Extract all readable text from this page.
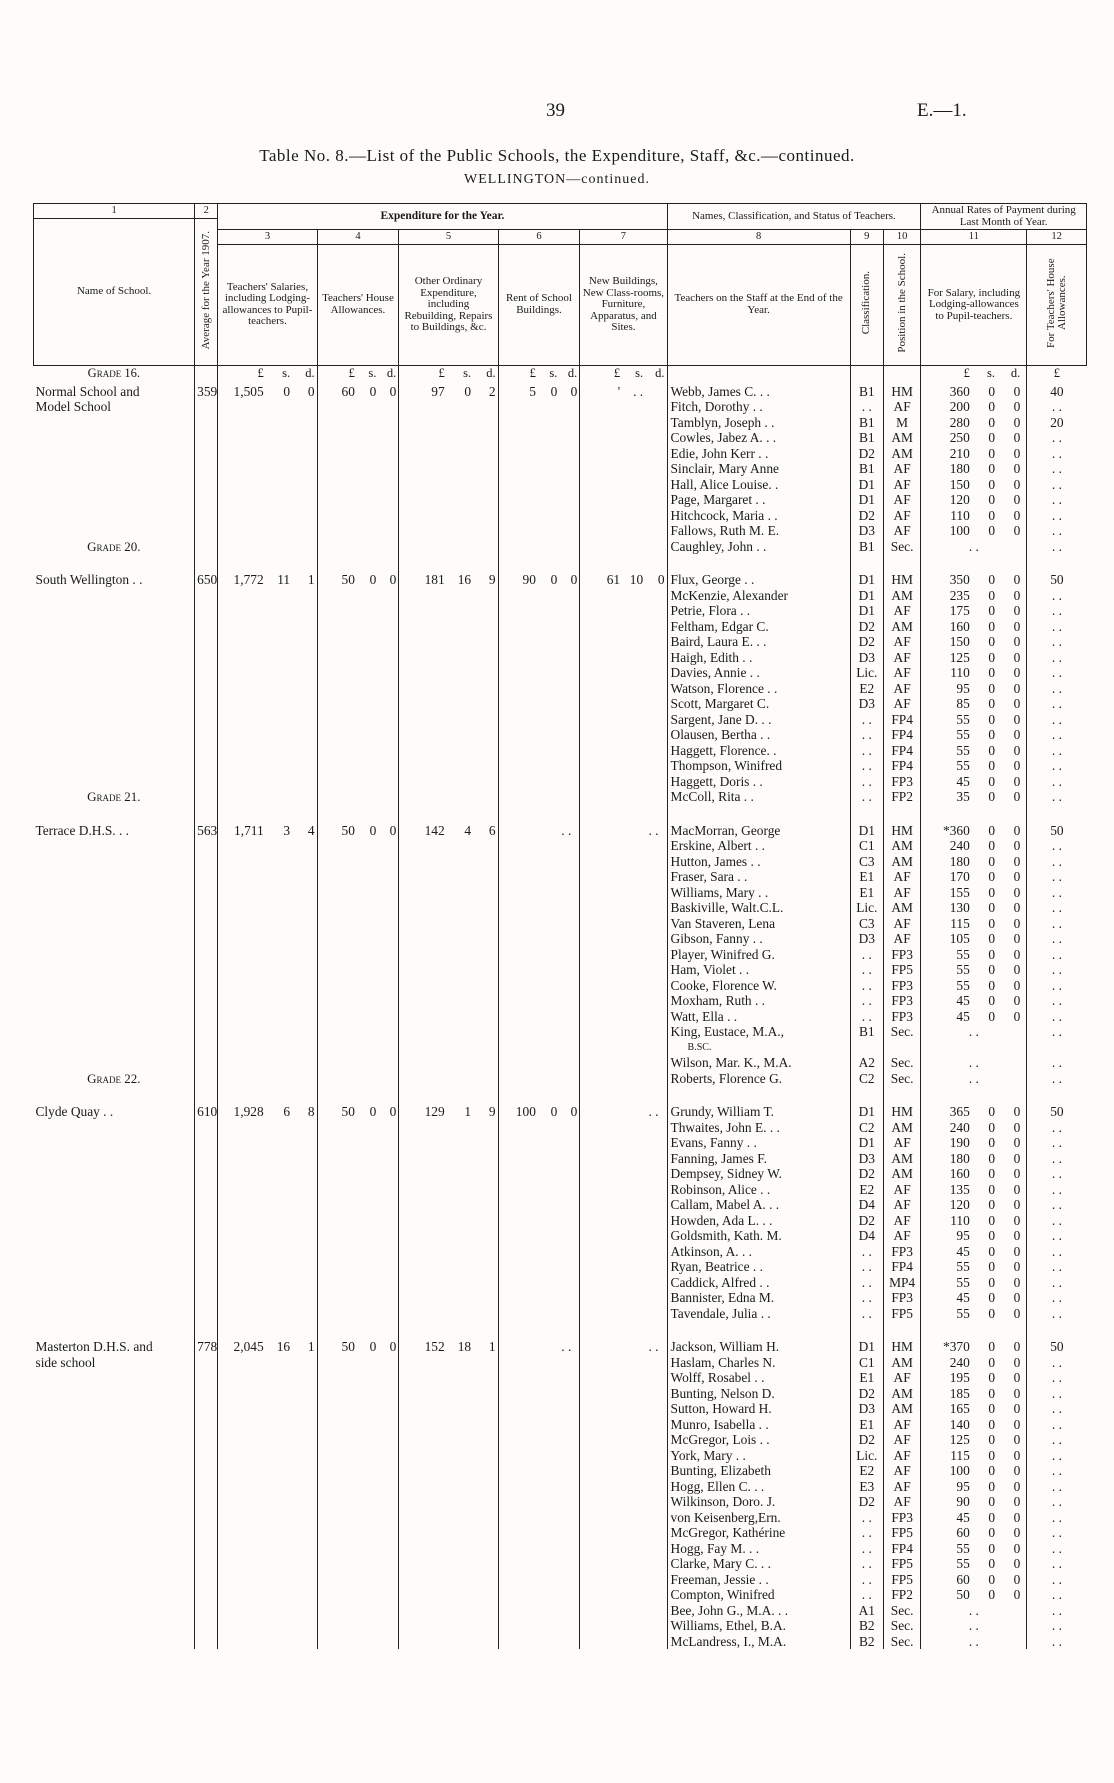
39	E.—1.
Table No. 8.—List of the Public Schools, the Expenditure, Staff, &c.—continued.
WELLINGTON—continued.
1	2	Expenditure for the Year.					Names, Classification, and Status of Teachers.			Annual Rates of Payment during Last Month of Year.	
Name of School.	Average for the Year 1907.										
		3	4	5	6	7	8	9	10	11	12
		Teachers' Salaries, including Lodging-allowances to Pupil-teachers.	Teachers' House Allowances.	Other Ordinary Expenditure, including Rebuilding, Repairs to Buildings, &c.	Rent of School Buildings.	New Buildings, New Class-rooms, Furniture, Apparatus, and Sites.	Teachers on the Staff at the End of the Year.	Classification.	Position in the School.	For Salary, including Lodging-allowances to Pupil-teachers.	For Teachers' House Allowances.
Grade 16.		£ s. d.	£ s. d.	£ s. d.	£ s. d.	£ s. d.				£ s. d.	£
Normal School and	359	1,505 0 0	60 0 0	97 0 2	5 0 0	' . .	Webb, James C. . .	B1	HM	360 0 0	40
Model School							Fitch, Dorothy . .	. .	AF	200 0 0	. .
							Tamblyn, Joseph . .	B1	M	280 0 0	20
							Cowles, Jabez A. . .	B1	AM	250 0 0	. .
							Edie, John Kerr . .	D2	AM	210 0 0	. .
							Sinclair, Mary Anne	B1	AF	180 0 0	. .
							Hall, Alice Louise. .	D1	AF	150 0 0	. .
							Page, Margaret . .	D1	AF	120 0 0	. .
							Hitchcock, Maria . .	D2	AF	110 0 0	. .
							Fallows, Ruth M. E.	D3	AF	100 0 0	. .
Grade 20.							Caughley, John . .	B1	Sec.	. .	. .

South Wellington . .	650	1,772 11 1	50 0 0	181 16 9	90 0 0	61 10 0	Flux, George . .	D1	HM	350 0 0	50
							McKenzie, Alexander	D1	AM	235 0 0	. .
							Petrie, Flora . .	D1	AF	175 0 0	. .
							Feltham, Edgar C.	D2	AM	160 0 0	. .
							Baird, Laura E. . .	D2	AF	150 0 0	. .
							Haigh, Edith . .	D3	AF	125 0 0	. .
							Davies, Annie . .	Lic.	AF	110 0 0	. .
							Watson, Florence . .	E2	AF	95 0 0	. .
							Scott, Margaret C.	D3	AF	85 0 0	. .
							Sargent, Jane D. . .	. .	FP4	55 0 0	. .
							Olausen, Bertha . .	. .	FP4	55 0 0	. .
							Haggett, Florence. .	. .	FP4	55 0 0	. .
							Thompson, Winifred	. .	FP4	55 0 0	. .
							Haggett, Doris . .	. .	FP3	45 0 0	. .
Grade 21.							McColl, Rita . .	. .	FP2	35 0 0	. .

Terrace D.H.S. . .	563	1,711 3 4	50 0 0	142 4 6	. .	. .	MacMorran, George	D1	HM	*360 0 0	50
							Erskine, Albert . .	C1	AM	240 0 0	. .
							Hutton, James . .	C3	AM	180 0 0	. .
							Fraser, Sara . .	E1	AF	170 0 0	. .
							Williams, Mary . .	E1	AF	155 0 0	. .
							Baskiville, Walt.C.L.	Lic.	AM	130 0 0	. .
							Van Staveren, Lena	C3	AF	115 0 0	. .
							Gibson, Fanny . .	D3	AF	105 0 0	. .
							Player, Winifred G.	. .	FP3	55 0 0	. .
							Ham, Violet . .	. .	FP5	55 0 0	. .
							Cooke, Florence W.	. .	FP3	55 0 0	. .
							Moxham, Ruth . .	. .	FP3	45 0 0	. .
							Watt, Ella . .	. .	FP3	45 0 0	. .
							King, Eustace, M.A.,	B1	Sec.	. .	. .
							B.SC.				
							Wilson, Mar. K., M.A.	A2	Sec.	. .	. .
Grade 22.							Roberts, Florence G.	C2	Sec.	. .	. .

Clyde Quay . .	610	1,928 6 8	50 0 0	129 1 9	100 0 0	. .	Grundy, William T.	D1	HM	365 0 0	50
							Thwaites, John E. . .	C2	AM	240 0 0	. .
							Evans, Fanny . .	D1	AF	190 0 0	. .
							Fanning, James F.	D3	AM	180 0 0	. .
							Dempsey, Sidney W.	D2	AM	160 0 0	. .
							Robinson, Alice . .	E2	AF	135 0 0	. .
							Callam, Mabel A. . .	D4	AF	120 0 0	. .
							Howden, Ada L. . .	D2	AF	110 0 0	. .
							Goldsmith, Kath. M.	D4	AF	95 0 0	. .
							Atkinson, A. . .	. .	FP3	45 0 0	. .
							Ryan, Beatrice . .	. .	FP4	55 0 0	. .
							Caddick, Alfred . .	. .	MP4	55 0 0	. .
							Bannister, Edna M.	. .	FP3	45 0 0	. .
							Tavendale, Julia . .	. .	FP5	55 0 0	. .

Masterton D.H.S. and	778	2,045 16 1	50 0 0	152 18 1	. .	. .	Jackson, William H.	D1	HM	*370 0 0	50
side school							Haslam, Charles N.	C1	AM	240 0 0	. .
							Wolff, Rosabel . .	E1	AF	195 0 0	. .
							Bunting, Nelson D.	D2	AM	185 0 0	. .
							Sutton, Howard H.	D3	AM	165 0 0	. .
							Munro, Isabella . .	E1	AF	140 0 0	. .
							McGregor, Lois . .	D2	AF	125 0 0	. .
							York, Mary . .	Lic.	AF	115 0 0	. .
							Bunting, Elizabeth	E2	AF	100 0 0	. .
							Hogg, Ellen C. . .	E3	AF	95 0 0	. .
							Wilkinson, Doro. J.	D2	AF	90 0 0	. .
							von Keisenberg,Ern.	. .	FP3	45 0 0	. .
							McGregor, Kathérine	. .	FP5	60 0 0	. .
							Hogg, Fay M. . .	. .	FP4	55 0 0	. .
							Clarke, Mary C. . .	. .	FP5	55 0 0	. .
							Freeman, Jessie . .	. .	FP5	60 0 0	. .
							Compton, Winifred	. .	FP2	50 0 0	. .
							Bee, John G., M.A. . .	A1	Sec.	. .	. .
							Williams, Ethel, B.A.	B2	Sec.	. .	. .
							McLandress, I., M.A.	B2	Sec.	. .	. .
